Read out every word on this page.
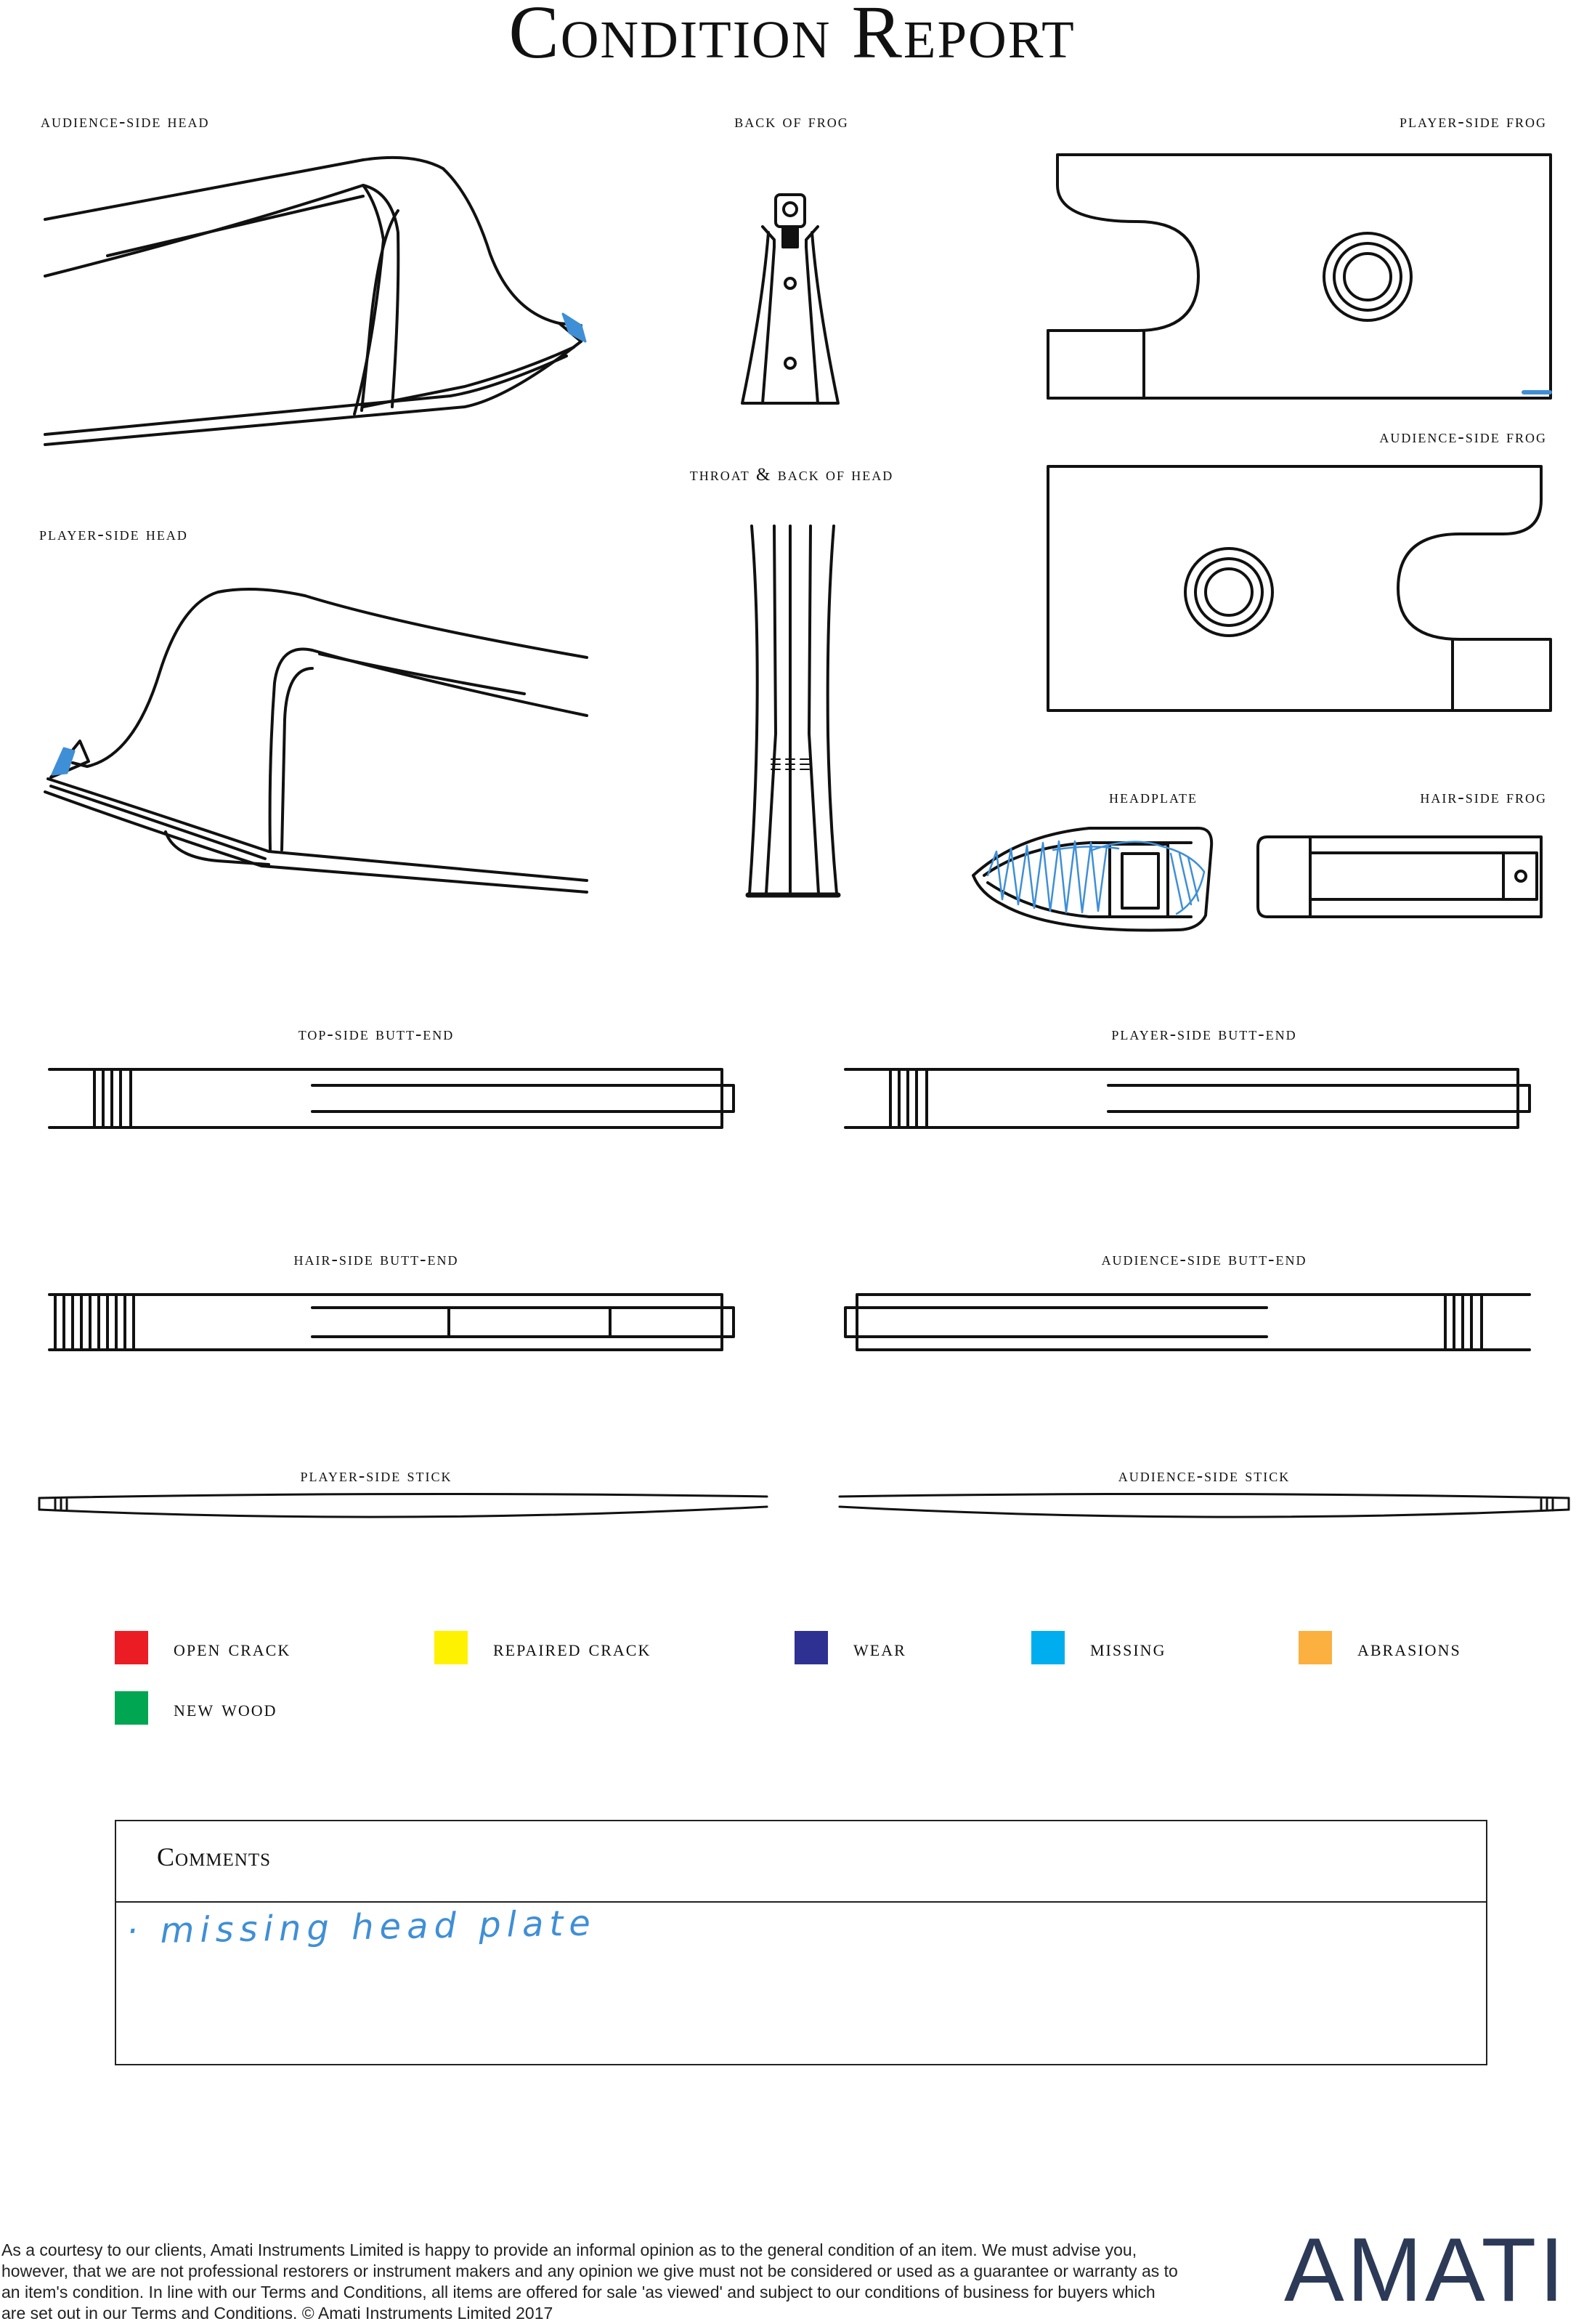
Condition Report
audience-side head	back of frog	player-side frog
audience-side frog
throat & back of head
player-side head
headplate	hair-side frog
top-side butt-end	player-side butt-end
hair-side butt-end	audience-side butt-end
player-side stick	audience-side stick
open crack	repaired crack	wear	missing	abrasions
new wood
Comments
· missing head plate
As a courtesy to our clients, Amati Instruments Limited is happy to provide an informal opinion as to the general condition of an item. We must advise you, however, that we are not professional restorers or instrument makers and any opinion we give must not be considered or used as a guarantee or warranty as to an item's condition. In line with our Terms and Conditions, all items are offered for sale 'as viewed' and subject to our conditions of business for buyers which are set out in our Terms and Conditions. © Amati Instruments Limited 2017	AMATI
